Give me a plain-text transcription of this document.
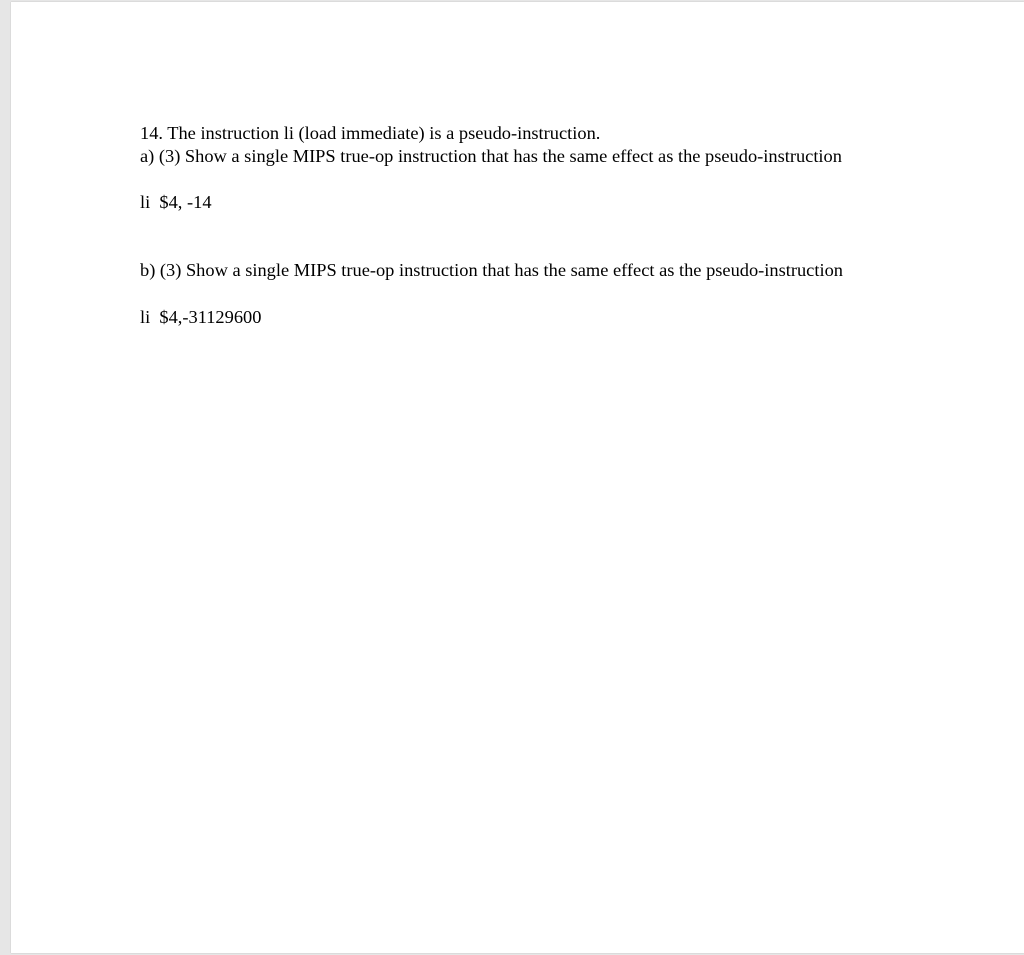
14. The instruction li (load immediate) is a pseudo-instruction.
a) (3) Show a single MIPS true-op instruction that has the same effect as the pseudo-instruction
li  $4, -14
b) (3) Show a single MIPS true-op instruction that has the same effect as the pseudo-instruction
li  $4,-31129600
